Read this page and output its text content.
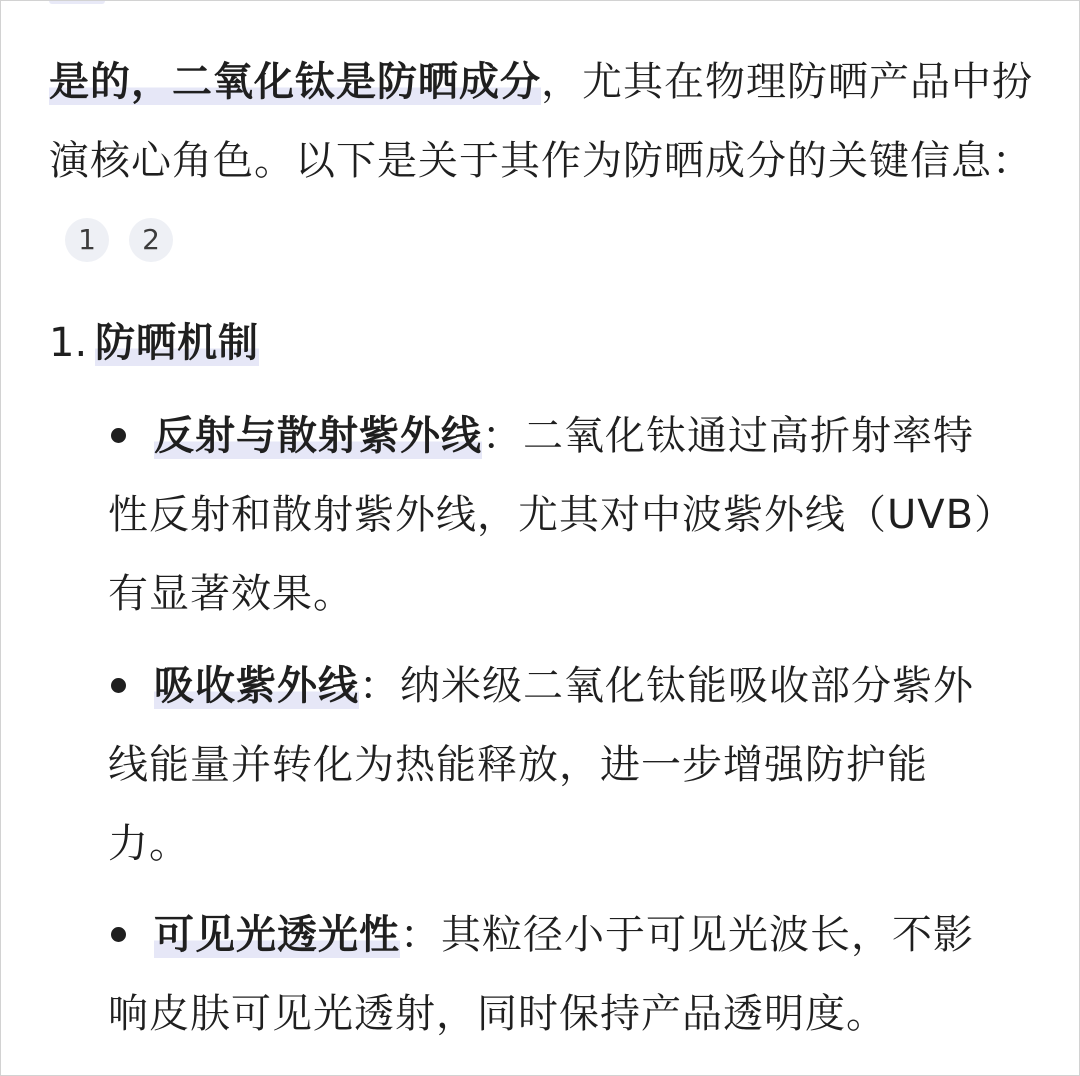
是的，二氧化钛是防晒成分，尤其在物理防晒产品中扮演核心角色。以下是关于其作为防晒成分的关键信息：1 2

1. 防晒机制
反射与散射紫外线：二氧化钛通过高折射率特性反射和散射紫外线，尤其对中波紫外线（UVB）有显著效果。
吸收紫外线：纳米级二氧化钛能吸收部分紫外线能量并转化为热能释放，进一步增强防护能力。
可见光透光性：其粒径小于可见光波长，不影响皮肤可见光透射，同时保持产品透明度。
